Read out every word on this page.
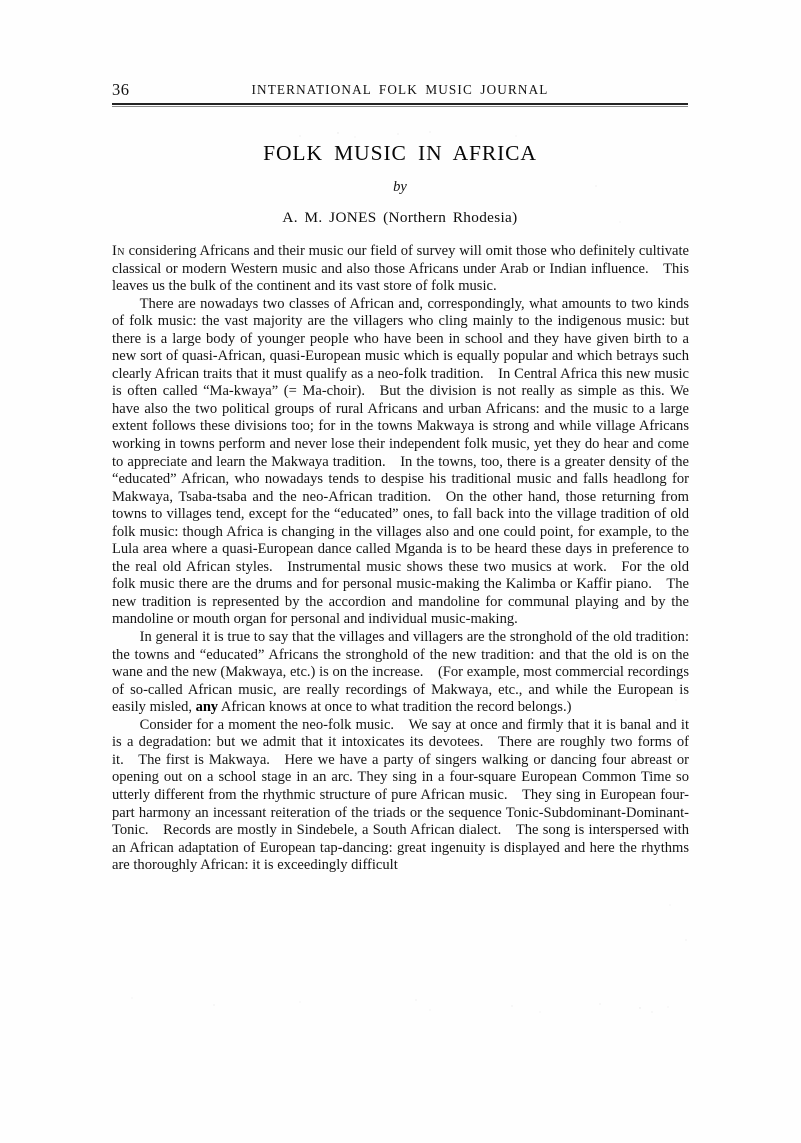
36	INTERNATIONAL FOLK MUSIC JOURNAL
FOLK MUSIC IN AFRICA
by
A. M. JONES (Northern Rhodesia)

In considering Africans and their music our field of survey will omit those who definitely cultivate classical or modern Western music and also those Africans under Arab or Indian influence. This leaves us the bulk of the continent and its vast store of folk music.

There are nowadays two classes of African and, correspondingly, what amounts to two kinds of folk music: the vast majority are the villagers who cling mainly to the indigenous music: but there is a large body of younger people who have been in school and they have given birth to a new sort of quasi-African, quasi-European music which is equally popular and which betrays such clearly African traits that it must qualify as a neo-folk tradition. In Central Africa this new music is often called “Ma-kwaya” (= Ma-choir). But the division is not really as simple as this. We have also the two political groups of rural Africans and urban Africans: and the music to a large extent follows these divisions too; for in the towns Makwaya is strong and while village Africans working in towns perform and never lose their independent folk music, yet they do hear and come to appreciate and learn the Makwaya tradition. In the towns, too, there is a greater density of the “educated” African, who nowadays tends to despise his traditional music and falls headlong for Makwaya, Tsaba-tsaba and the neo-African tradition. On the other hand, those returning from towns to villages tend, except for the “educated” ones, to fall back into the village tradition of old folk music: though Africa is changing in the villages also and one could point, for example, to the Lula area where a quasi-European dance called Mganda is to be heard these days in preference to the real old African styles. Instrumental music shows these two musics at work. For the old folk music there are the drums and for personal music-making the Kalimba or Kaffir piano. The new tradition is represented by the accordion and mandoline for communal playing and by the mandoline or mouth organ for personal and individual music-making.

In general it is true to say that the villages and villagers are the stronghold of the old tradition: the towns and “educated” Africans the stronghold of the new tradition: and that the old is on the wane and the new (Makwaya, etc.) is on the increase. (For example, most commercial recordings of so-called African music, are really recordings of Makwaya, etc., and while the European is easily misled, any African knows at once to what tradition the record belongs.)

Consider for a moment the neo-folk music. We say at once and firmly that it is banal and it is a degradation: but we admit that it intoxicates its devotees. There are roughly two forms of it. The first is Makwaya. Here we have a party of singers walking or dancing four abreast or opening out on a school stage in an arc. They sing in a four-square European Common Time so utterly different from the rhythmic structure of pure African music. They sing in European four-part harmony an incessant reiteration of the triads or the sequence Tonic-Subdominant-Dominant-Tonic. Records are mostly in Sindebele, a South African dialect. The song is interspersed with an African adaptation of European tap-dancing: great ingenuity is displayed and here the rhythms are thoroughly African: it is exceedingly difficult
